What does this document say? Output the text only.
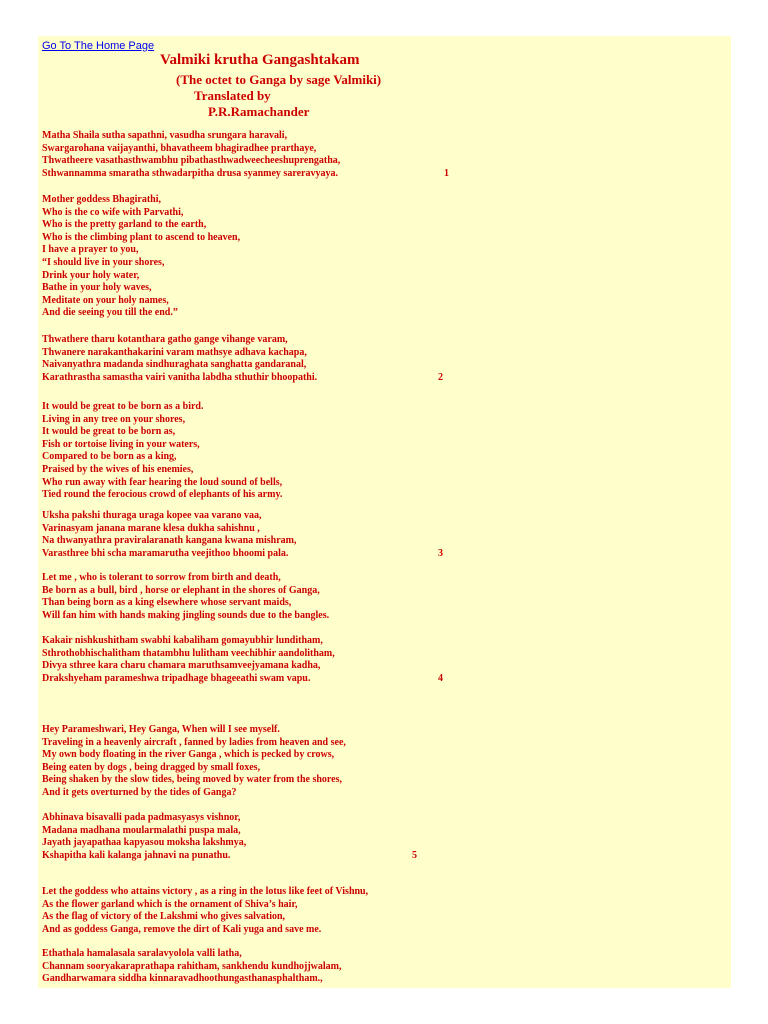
Go To The Home Page
Valmiki krutha Gangashtakam
(The octet to Ganga by sage Valmiki)
Translated by
P.R.Ramachander
Matha Shaila sutha sapathni, vasudha srungara haravali,
Swargarohana vaijayanthi, bhavatheem bhagiradhee prarthaye,
Thwatheere vasathasthwambhu pibathasthwadweecheeshuprengatha,
Sthwannamma smaratha sthwadarpitha drusa syanmey sareravyaya.	1
Mother goddess Bhagirathi,
Who is the co wife with Parvathi,
Who is the pretty garland to the earth,
Who is the climbing plant to ascend to heaven,
I have a prayer to you,
“I should live in your shores,
Drink your holy water,
Bathe in your holy waves,
Meditate on your holy names,
And die seeing you till the end.”
Thwathere tharu kotanthara gatho gange vihange varam,
Thwanere narakanthakarini varam mathsye adhava kachapa,
Naivanyathra madanda sindhuraghata sanghatta gandaranal,
Karathrastha samastha vairi vanitha labdha sthuthir bhoopathi.	2
It would be great to be born as a bird.
Living in any tree on your shores,
It would be great to be born as,
Fish or tortoise living in your waters,
Compared to be born as a king,
Praised by the wives of his enemies,
Who run away with fear hearing the loud sound of bells,
Tied round the ferocious crowd of elephants of his army.
Uksha pakshi thuraga uraga kopee vaa varano vaa,
Varinasyam janana marane klesa dukha sahishnu ,
Na thwanyathra praviralaranath kangana kwana mishram,
Varasthree bhi scha maramarutha veejithoo bhoomi pala.	3
Let me , who is tolerant to sorrow from birth and death,
Be born as a bull, bird , horse or elephant in the shores of Ganga,
Than being born as a king elsewhere whose servant maids,
Will fan him with hands making jingling sounds due to the bangles.
Kakair nishkushitham swabhi kabaliham gomayubhir lunditham,
Sthrothobhischalitham thatambhu lulitham veechibhir aandolitham,
Divya sthree kara charu chamara maruthsamveejyamana kadha,
Drakshyeham parameshwa tripadhage bhageeathi swam vapu.	4
Hey Parameshwari, Hey Ganga, When will I see myself.
Traveling in a heavenly aircraft , fanned by ladies from heaven and see,
My own body floating in the river Ganga , which is pecked by crows,
Being eaten by dogs , being dragged by small foxes,
Being shaken by the slow tides, being moved by water from the shores,
And it gets overturned by the tides of Ganga?
Abhinava bisavalli pada padmasyasys vishnor,
Madana madhana moularmalathi puspa mala,
Jayath jayapathaa kapyasou moksha lakshmya,
Kshapitha kali kalanga jahnavi na punathu.	5
Let the goddess who attains victory , as a ring in the lotus like feet of Vishnu,
As the flower garland which is the ornament of Shiva’s hair,
As the flag of victory of the Lakshmi who gives salvation,
And as goddess Ganga, remove the dirt of Kali yuga and save me.
Ethathala hamalasala saralavyolola valli latha,
Channam sooryakaraprathapa rahitham, sankhendu kundhojjwalam,
Gandharwamara siddha kinnaravadhoothungasthanasphaltham.,
